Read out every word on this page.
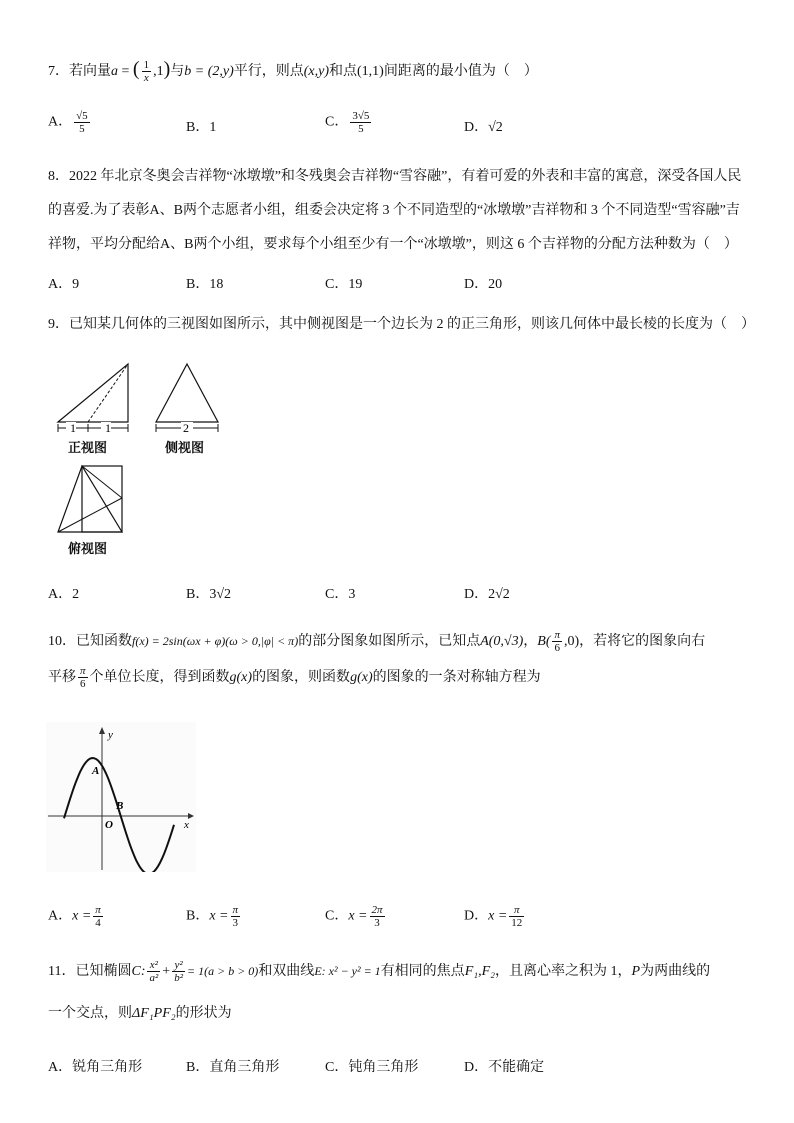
7．若向量a = ( $\frac{1}{x} ,1$)与b = (2,y)平行，则点(x,y)和点(1,1)间距离的最小值为（　）
A． $\frac{√5}{5}$	B．1	C． $\frac{3√5}{5}$	D．√2
8．2022 年北京冬奥会吉祥物“冰墩墩”和冬残奥会吉祥物“雪容融”，有着可爱的外表和丰富的寓意，深受各国人民
的喜爱.为了表彰A、B两个志愿者小组，组委会决定将 3 个不同造型的“冰墩墩”吉祥物和 3 个不同造型“雪容融”吉
祥物，平均分配给A、B两个小组，要求每个小组至少有一个“冰墩墩”，则这 6 个吉祥物的分配方法种数为（　）
A．9	B．18	C．19	D．20
9．已知某几何体的三视图如图所示，其中侧视图是一个边长为 2 的正三角形，则该几何体中最长棱的长度为（　）
1 1	2
正视图	侧视图
俯视图
A．2	B．3√2	C．3	D．2√2
10．已知函数f(x) = 2sin(ωx + φ)(ω > 0,|φ| < π)的部分图象如图所示，已知点A(0,√3)，$B( \frac{\pi}{6} ,0)$，若将它的图象向右
平移 $\frac{\pi}{6}$ 个单位长度，得到函数g(x)的图象，则函数g(x)的图象的一条对称轴方程为
y
x
A
B
O
A．$x = \frac{\pi}{4}$	B．$x = \frac{\pi}{3}$	C．$x = \frac{2\pi}{3}$	D．$x = \frac{\pi}{12}$
11．已知椭圆C: $\frac{\text{x²}}{\text{a²}} + \frac{\text{y²}}{\text{b²}} = 1(a > b > 0)$和双曲线E: x² − y² = 1有相同的焦点F₁,F₂，且离心率之积为 1，P为两曲线的
一个交点，则ΔF₁PF₂的形状为
A．锐角三角形	B．直角三角形	C．钝角三角形	D．不能确定
